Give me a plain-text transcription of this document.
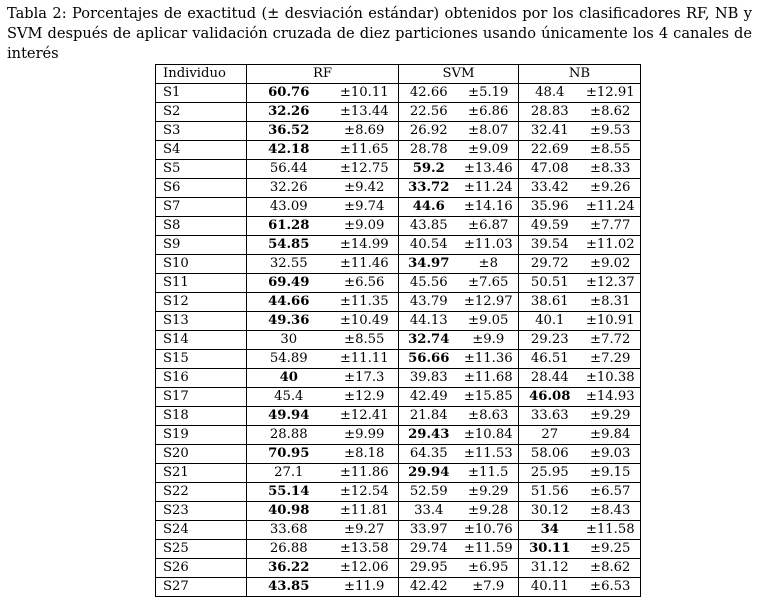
Tabla 2: Porcentajes de exactitud (± desviación estándar) obtenidos por los clasificadores RF, NB y
SVM después de aplicar validación cruzada de diez particiones usando únicamente los 4 canales de
interés
Individuo	RF		SVM		NB	
S1	60.76	±10.11	42.66	±5.19	48.4	±12.91
S2	32.26	±13.44	22.56	±6.86	28.83	±8.62
S3	36.52	±8.69	26.92	±8.07	32.41	±9.53
S4	42.18	±11.65	28.78	±9.09	22.69	±8.55
S5	56.44	±12.75	59.2	±13.46	47.08	±8.33
S6	32.26	±9.42	33.72	±11.24	33.42	±9.26
S7	43.09	±9.74	44.6	±14.16	35.96	±11.24
S8	61.28	±9.09	43.85	±6.87	49.59	±7.77
S9	54.85	±14.99	40.54	±11.03	39.54	±11.02
S10	32.55	±11.46	34.97	±8	29.72	±9.02
S11	69.49	±6.56	45.56	±7.65	50.51	±12.37
S12	44.66	±11.35	43.79	±12.97	38.61	±8.31
S13	49.36	±10.49	44.13	±9.05	40.1	±10.91
S14	30	±8.55	32.74	±9.9	29.23	±7.72
S15	54.89	±11.11	56.66	±11.36	46.51	±7.29
S16	40	±17.3	39.83	±11.68	28.44	±10.38
S17	45.4	±12.9	42.49	±15.85	46.08	±14.93
S18	49.94	±12.41	21.84	±8.63	33.63	±9.29
S19	28.88	±9.99	29.43	±10.84	27	±9.84
S20	70.95	±8.18	64.35	±11.53	58.06	±9.03
S21	27.1	±11.86	29.94	±11.5	25.95	±9.15
S22	55.14	±12.54	52.59	±9.29	51.56	±6.57
S23	40.98	±11.81	33.4	±9.28	30.12	±8.43
S24	33.68	±9.27	33.97	±10.76	34	±11.58
S25	26.88	±13.58	29.74	±11.59	30.11	±9.25
S26	36.22	±12.06	29.95	±6.95	31.12	±8.62
S27	43.85	±11.9	42.42	±7.9	40.11	±6.53
